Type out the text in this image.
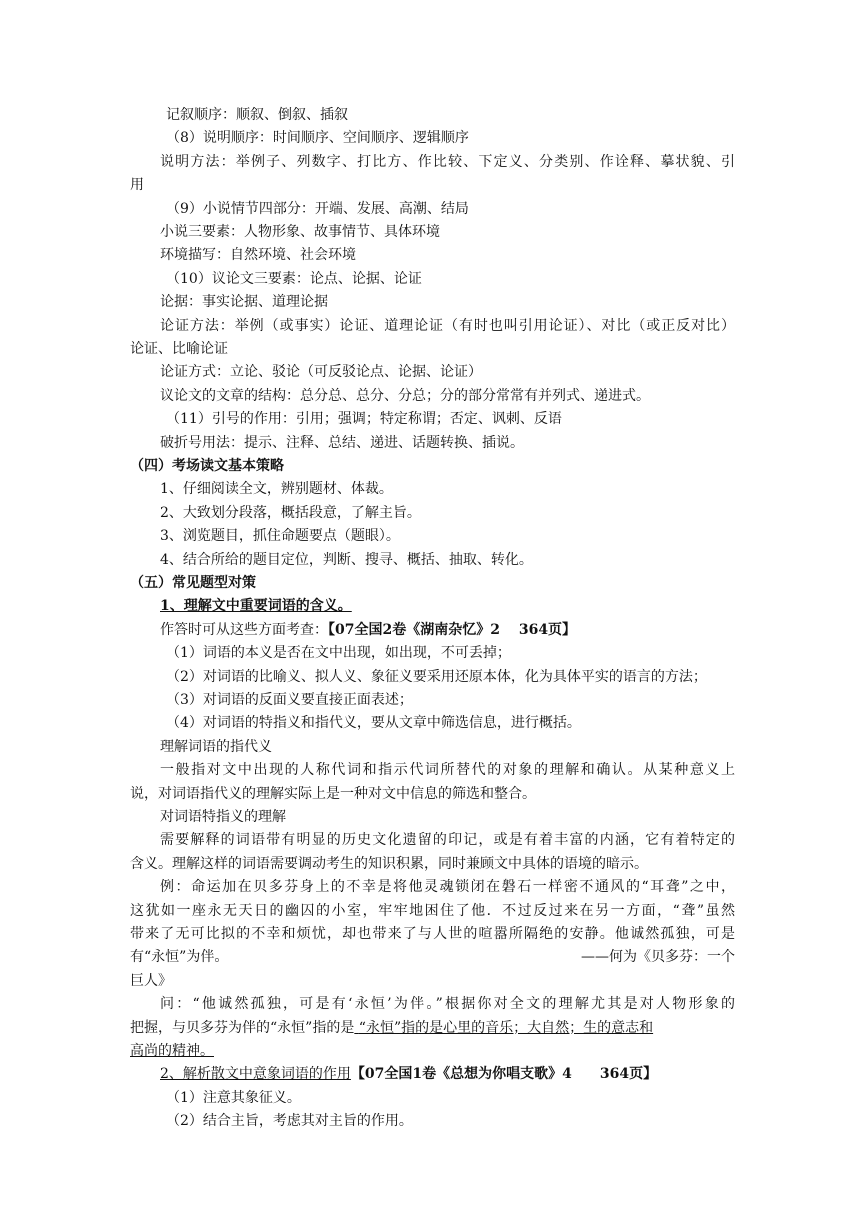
记叙顺序：顺叙、倒叙、插叙
（8）说明顺序：时间顺序、空间顺序、逻辑顺序
说明方法：举例子、列数字、打比方、作比较、下定义、分类别、作诠释、摹状貌、引
用
（9）小说情节四部分：开端、发展、高潮、结局
小说三要素：人物形象、故事情节、具体环境
环境描写：自然环境、社会环境
（10）议论文三要素：论点、论据、论证
论据：事实论据、道理论据
论证方法：举例（或事实）论证、道理论证（有时也叫引用论证）、对比（或正反对比）
论证、比喻论证
论证方式：立论、驳论（可反驳论点、论据、论证）
议论文的文章的结构：总分总、总分、分总；分的部分常常有并列式、递进式。
（11）引号的作用：引用；强调；特定称谓；否定、讽刺、反语
破折号用法：提示、注释、总结、递进、话题转换、插说。
（四）考场读文基本策略
1、仔细阅读全文，辨别题材、体裁。
2、大致划分段落，概括段意，了解主旨。
3、浏览题目，抓住命题要点（题眼）。
4、结合所给的题目定位，判断、搜寻、概括、抽取、转化。
（五）常见题型对策
1、理解文中重要词语的含义。
作答时可从这些方面考查：【07全国2卷《湖南杂忆》2　 364页】
（1）词语的本义是否在文中出现，如出现，不可丢掉；
（2）对词语的比喻义、拟人义、象征义要采用还原本体，化为具体平实的语言的方法；
（3）对词语的反面义要直接正面表述；
（4）对词语的特指义和指代义，要从文章中筛选信息，进行概括。
理解词语的指代义
一般指对文中出现的人称代词和指示代词所替代的对象的理解和确认。从某种意义上
说，对词语指代义的理解实际上是一种对文中信息的筛选和整合。
对词语特指义的理解
需要解释的词语带有明显的历史文化遗留的印记，或是有着丰富的内涵，它有着特定的
含义。理解这样的词语需要调动考生的知识积累，同时兼顾文中具体的语境的暗示。
例：命运加在贝多芬身上的不幸是将他灵魂锁闭在磐石一样密不通风的“耳聋”之中，
这犹如一座永无天日的幽囚的小室，牢牢地困住了他．不过反过来在另一方面，“聋”虽然
带来了无可比拟的不幸和烦忧，却也带来了与人世的喧嚣所隔绝的安静。他诚然孤独，可是
有“永恒”为伴。	——何为《贝多芬：一个
巨人》
问：“他诚然孤独，可是有‘永恒’为伴。”根据你对全文的理解尤其是对人物形象的
把握，与贝多芬为伴的“永恒”指的是 “永恒”指的是心里的音乐；大自然；生的意志和
高尚的精神。
2、解析散文中意象词语的作用【07全国1卷《总想为你唱支歌》4　　364页】
（1）注意其象征义。
（2）结合主旨，考虑其对主旨的作用。
